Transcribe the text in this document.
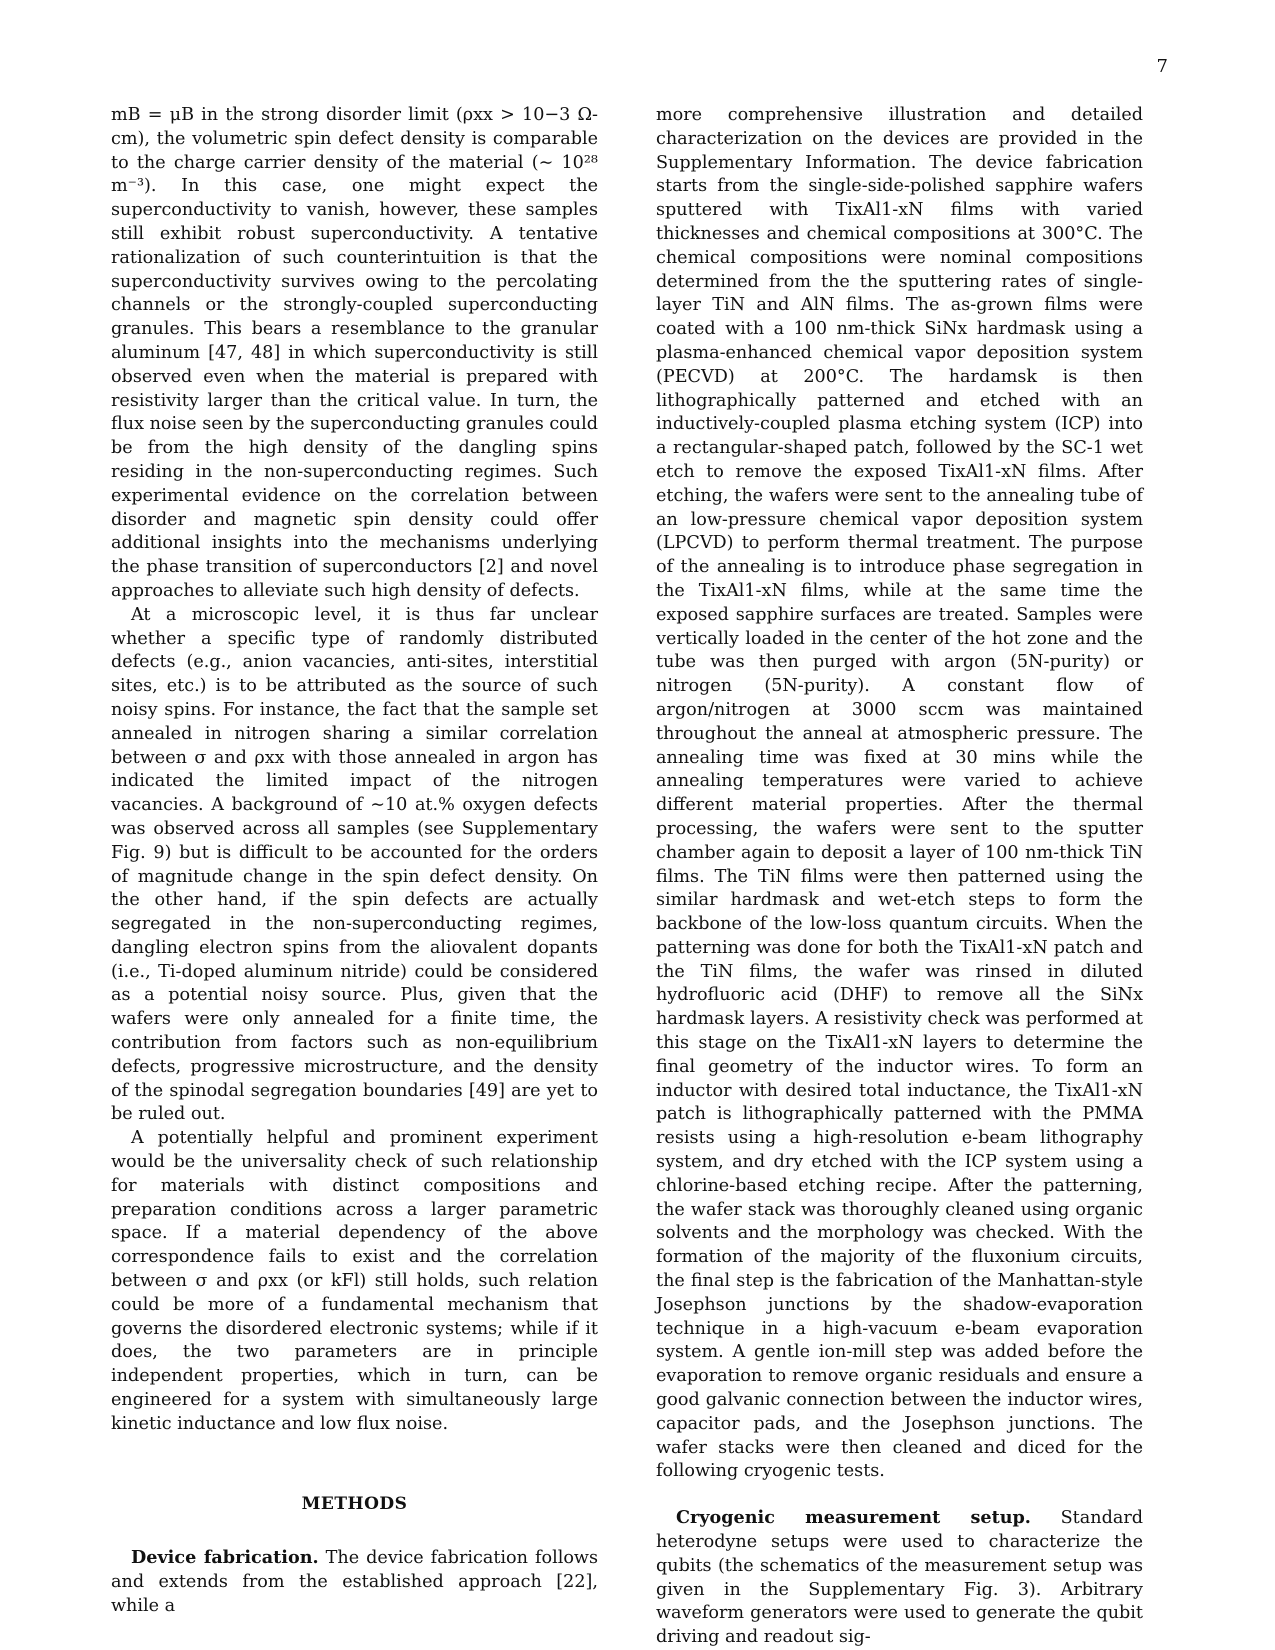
7

mB = μB in the strong disorder limit (ρxx > 10−3 Ω-cm), the volumetric spin defect density is comparable to the charge carrier density of the material (∼ 10²⁸ m⁻³). In this case, one might expect the superconductivity to vanish, however, these samples still exhibit robust superconductivity. A tentative rationalization of such counterintuition is that the superconductivity survives owing to the percolating channels or the strongly-coupled superconducting granules. This bears a resemblance to the granular aluminum [47, 48] in which superconductivity is still observed even when the material is prepared with resistivity larger than the critical value. In turn, the flux noise seen by the superconducting granules could be from the high density of the dangling spins residing in the non-superconducting regimes. Such experimental evidence on the correlation between disorder and magnetic spin density could offer additional insights into the mechanisms underlying the phase transition of superconductors [2] and novel approaches to alleviate such high density of defects.

At a microscopic level, it is thus far unclear whether a specific type of randomly distributed defects (e.g., anion vacancies, anti-sites, interstitial sites, etc.) is to be attributed as the source of such noisy spins. For instance, the fact that the sample set annealed in nitrogen sharing a similar correlation between σ and ρxx with those annealed in argon has indicated the limited impact of the nitrogen vacancies. A background of ∼10 at.% oxygen defects was observed across all samples (see Supplementary Fig. 9) but is difficult to be accounted for the orders of magnitude change in the spin defect density. On the other hand, if the spin defects are actually segregated in the non-superconducting regimes, dangling electron spins from the aliovalent dopants (i.e., Ti-doped aluminum nitride) could be considered as a potential noisy source. Plus, given that the wafers were only annealed for a finite time, the contribution from factors such as non-equilibrium defects, progressive microstructure, and the density of the spinodal segregation boundaries [49] are yet to be ruled out.

A potentially helpful and prominent experiment would be the universality check of such relationship for materials with distinct compositions and preparation conditions across a larger parametric space. If a material dependency of the above correspondence fails to exist and the correlation between σ and ρxx (or kFl) still holds, such relation could be more of a fundamental mechanism that governs the disordered electronic systems; while if it does, the two parameters are in principle independent properties, which in turn, can be engineered for a system with simultaneously large kinetic inductance and low flux noise.

METHODS

Device fabrication. The device fabrication follows and extends from the established approach [22], while a

more comprehensive illustration and detailed characterization on the devices are provided in the Supplementary Information. The device fabrication starts from the single-side-polished sapphire wafers sputtered with TixAl1-xN films with varied thicknesses and chemical compositions at 300°C. The chemical compositions were nominal compositions determined from the the sputtering rates of single-layer TiN and AlN films. The as-grown films were coated with a 100 nm-thick SiNx hardmask using a plasma-enhanced chemical vapor deposition system (PECVD) at 200°C. The hardamsk is then lithographically patterned and etched with an inductively-coupled plasma etching system (ICP) into a rectangular-shaped patch, followed by the SC-1 wet etch to remove the exposed TixAl1-xN films. After etching, the wafers were sent to the annealing tube of an low-pressure chemical vapor deposition system (LPCVD) to perform thermal treatment. The purpose of the annealing is to introduce phase segregation in the TixAl1-xN films, while at the same time the exposed sapphire surfaces are treated. Samples were vertically loaded in the center of the hot zone and the tube was then purged with argon (5N-purity) or nitrogen (5N-purity). A constant flow of argon/nitrogen at 3000 sccm was maintained throughout the anneal at atmospheric pressure. The annealing time was fixed at 30 mins while the annealing temperatures were varied to achieve different material properties. After the thermal processing, the wafers were sent to the sputter chamber again to deposit a layer of 100 nm-thick TiN films. The TiN films were then patterned using the similar hardmask and wet-etch steps to form the backbone of the low-loss quantum circuits. When the patterning was done for both the TixAl1-xN patch and the TiN films, the wafer was rinsed in diluted hydrofluoric acid (DHF) to remove all the SiNx hardmask layers. A resistivity check was performed at this stage on the TixAl1-xN layers to determine the final geometry of the inductor wires. To form an inductor with desired total inductance, the TixAl1-xN patch is lithographically patterned with the PMMA resists using a high-resolution e-beam lithography system, and dry etched with the ICP system using a chlorine-based etching recipe. After the patterning, the wafer stack was thoroughly cleaned using organic solvents and the morphology was checked. With the formation of the majority of the fluxonium circuits, the final step is the fabrication of the Manhattan-style Josephson junctions by the shadow-evaporation technique in a high-vacuum e-beam evaporation system. A gentle ion-mill step was added before the evaporation to remove organic residuals and ensure a good galvanic connection between the inductor wires, capacitor pads, and the Josephson junctions. The wafer stacks were then cleaned and diced for the following cryogenic tests.

Cryogenic measurement setup. Standard heterodyne setups were used to characterize the qubits (the schematics of the measurement setup was given in the Supplementary Fig. 3). Arbitrary waveform generators were used to generate the qubit driving and readout sig-
